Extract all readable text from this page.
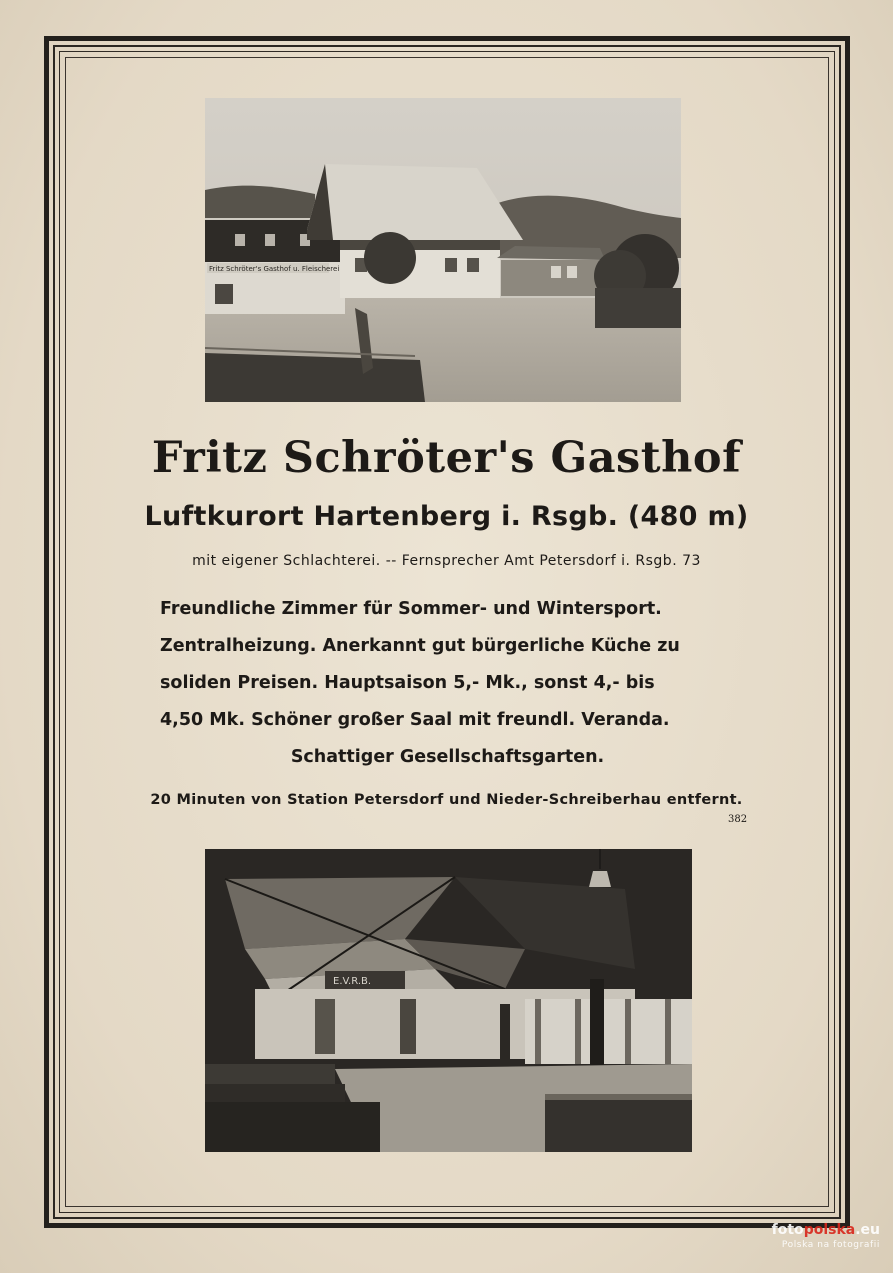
Fritz Schröter's Gasthof u. Fleischerei
Fritz Schröter's Gasthof
Luftkurort Hartenberg i. Rsgb. (480 m)

mit eigener Schlachterei. -- Fernsprecher Amt Petersdorf i. Rsgb. 73

Freundliche Zimmer für Sommer- und Wintersport.
Zentralheizung. Anerkannt gut bürgerliche Küche zu
soliden Preisen. Hauptsaison 5,- Mk., sonst 4,- bis
4,50 Mk. Schöner großer Saal mit freundl. Veranda.
Schattiger Gesellschaftsgarten.

20 Minuten von Station Petersdorf und Nieder-Schreiberhau entfernt.

382

E.V.R.B.
fotopolska.eu
Polska na fotografii
